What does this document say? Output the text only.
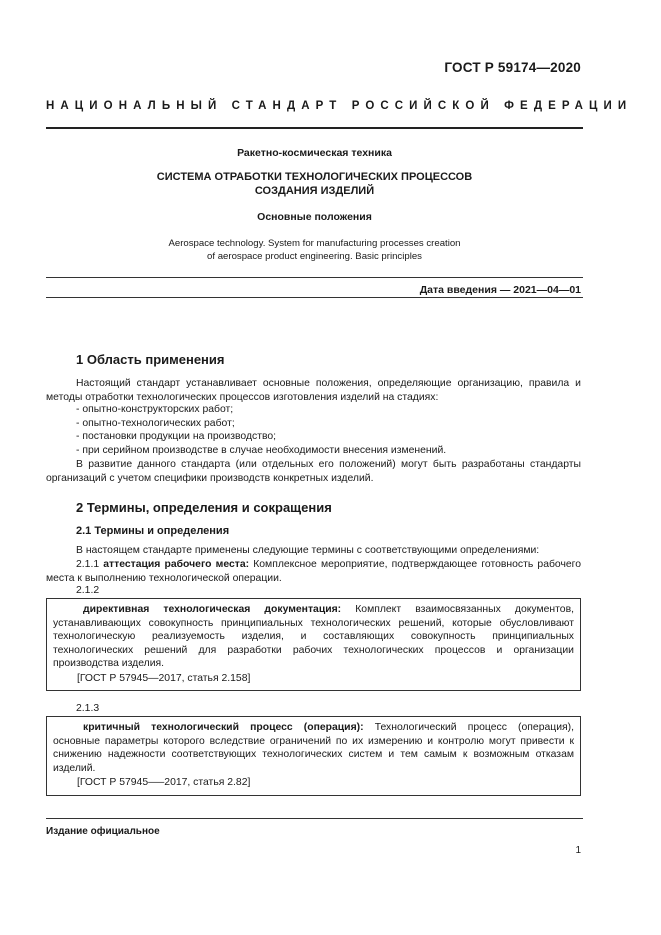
ГОСТ Р 59174—2020
НАЦИОНАЛЬНЫЙ СТАНДАРТ РОССИЙСКОЙ ФЕДЕРАЦИИ
Ракетно-космическая техника
СИСТЕМА ОТРАБОТКИ ТЕХНОЛОГИЧЕСКИХ ПРОЦЕССОВ
СОЗДАНИЯ ИЗДЕЛИЙ
Основные положения
Aerospace technology. System for manufacturing processes creation
of aerospace product engineering. Basic principles
Дата введения — 2021—04—01
1 Область применения

Настоящий стандарт устанавливает основные положения, определяющие организацию, правила и методы отработки технологических процессов изготовления изделий на стадиях:

- опытно-конструкторских работ;
- опытно-технологических работ;
- постановки продукции на производство;
- при серийном производстве в случае необходимости внесения изменений.

В развитие данного стандарта (или отдельных его положений) могут быть разработаны стандарты организаций с учетом специфики производств конкретных изделий.

2 Термины, определения и сокращения
2.1 Термины и определения
В настоящем стандарте применены следующие термины с соответствующими определениями:

2.1.1 аттестация рабочего места: Комплексное мероприятие, подтверждающее готовность рабочего места к выполнению технологической операции.

2.1.2

директивная технологическая документация: Комплект взаимосвязанных документов, устанавливающих совокупность принципиальных технологических решений, которые обусловливают технологическую реализуемость изделия, и составляющих совокупность принципиальных технологических решений для разработки рабочих технологических процессов и организации производства изделия.

[ГОСТ Р 57945—2017, статья 2.158]
2.1.3

критичный технологический процесс (операция): Технологический процесс (операция), основные параметры которого вследствие ограничений по их измерению и контролю могут привести к снижению надежности соответствующих технологических систем и тем самым к возможным отказам изделий.

[ГОСТ Р 57945—–2017, статья 2.82]
Издание официальное
1
